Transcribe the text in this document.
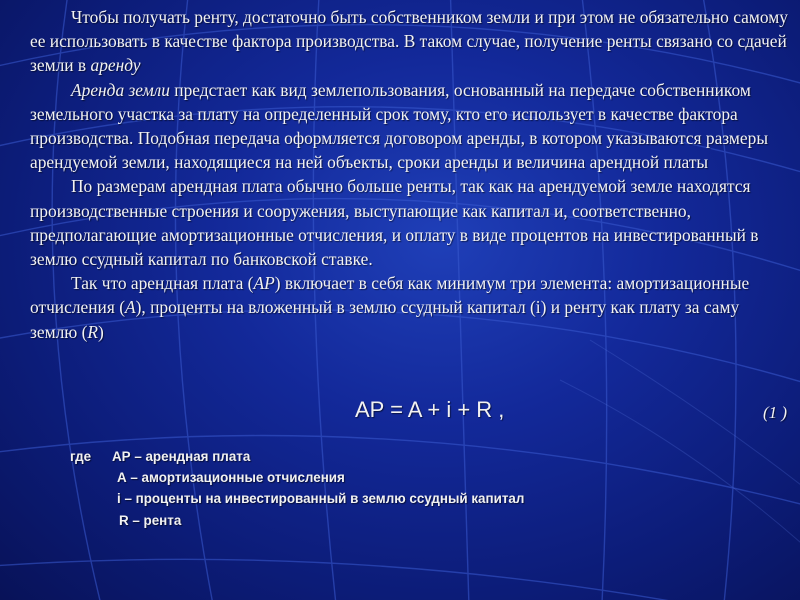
Чтобы получать ренту, достаточно быть собственником земли и при этом не обязательно самому ее использовать в качестве фактора производства. В таком случае, получение ренты связано со сдачей земли в аренду

Аренда земли предстает как вид землепользования, основанный на передаче собственником земельного участка за плату на определенный срок тому, кто его использует в качестве фактора производства. Подобная передача оформляется договором аренды, в котором указываются размеры арендуемой земли, находящиеся на ней объекты, сроки аренды и величина арендной платы

По размерам арендная плата обычно больше ренты, так как на арендуемой земле находятся производственные строения и сооружения, выступающие как капитал и, соответственно, предполагающие амортизационные отчисления, и оплату в виде процентов на инвестированный в землю ссудный капитал по банковской ставке.

Так что арендная плата (АР) включает в себя как минимум три элемента: амортизационные отчисления (А), проценты на вложенный в землю ссудный капитал (i) и ренту как плату за саму землю (R)

AP = A + i + R ,	(1 )
где АР – арендная плата
А – амортизационные отчисления
i – проценты на инвестированный в землю ссудный капитал
R – рента
